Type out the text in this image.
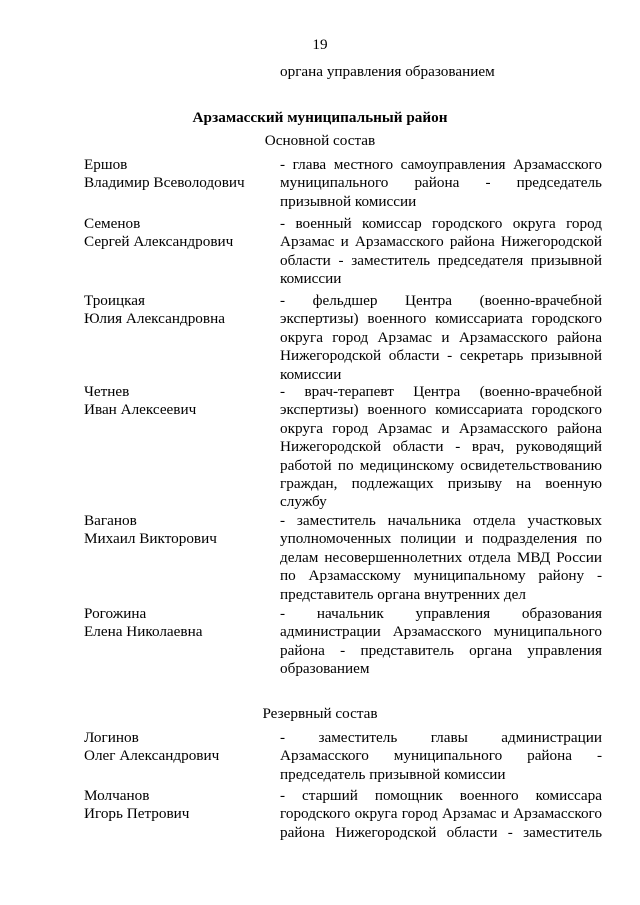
19
органа управления образованием
Арзамасский муниципальный район
Основной состав
Ершов
Владимир Всеволодович
- глава местного самоуправления Арзамасского
муниципального района - председатель
призывной комиссии
Семенов
Сергей Александрович
- военный комиссар городского округа город
Арзамас и Арзамасского района Нижегородской
области - заместитель председателя призывной
комиссии
Троицкая
Юлия Александровна
- фельдшер Центра (военно-врачебной
экспертизы) военного комиссариата городского
округа город Арзамас и Арзамасского района
Нижегородской области - секретарь призывной
комиссии
Четнев
Иван Алексеевич
- врач-терапевт Центра (военно-врачебной
экспертизы) военного комиссариата городского
округа город Арзамас и Арзамасского района
Нижегородской области - врач, руководящий
работой по медицинскому освидетельствованию
граждан, подлежащих призыву на военную
службу
Ваганов
Михаил Викторович
- заместитель начальника отдела участковых
уполномоченных полиции и подразделения по
делам несовершеннолетних отдела МВД России
по Арзамасскому муниципальному району -
представитель органа внутренних дел
Рогожина
Елена Николаевна
- начальник управления образования
администрации Арзамасского муниципального
района - представитель органа управления
образованием
Резервный состав
Логинов
Олег Александрович
- заместитель главы администрации
Арзамасского муниципального района -
председатель призывной комиссии
Молчанов
Игорь Петрович
- старший помощник военного комиссара
городского округа город Арзамас и Арзамасского
района Нижегородской области - заместитель
